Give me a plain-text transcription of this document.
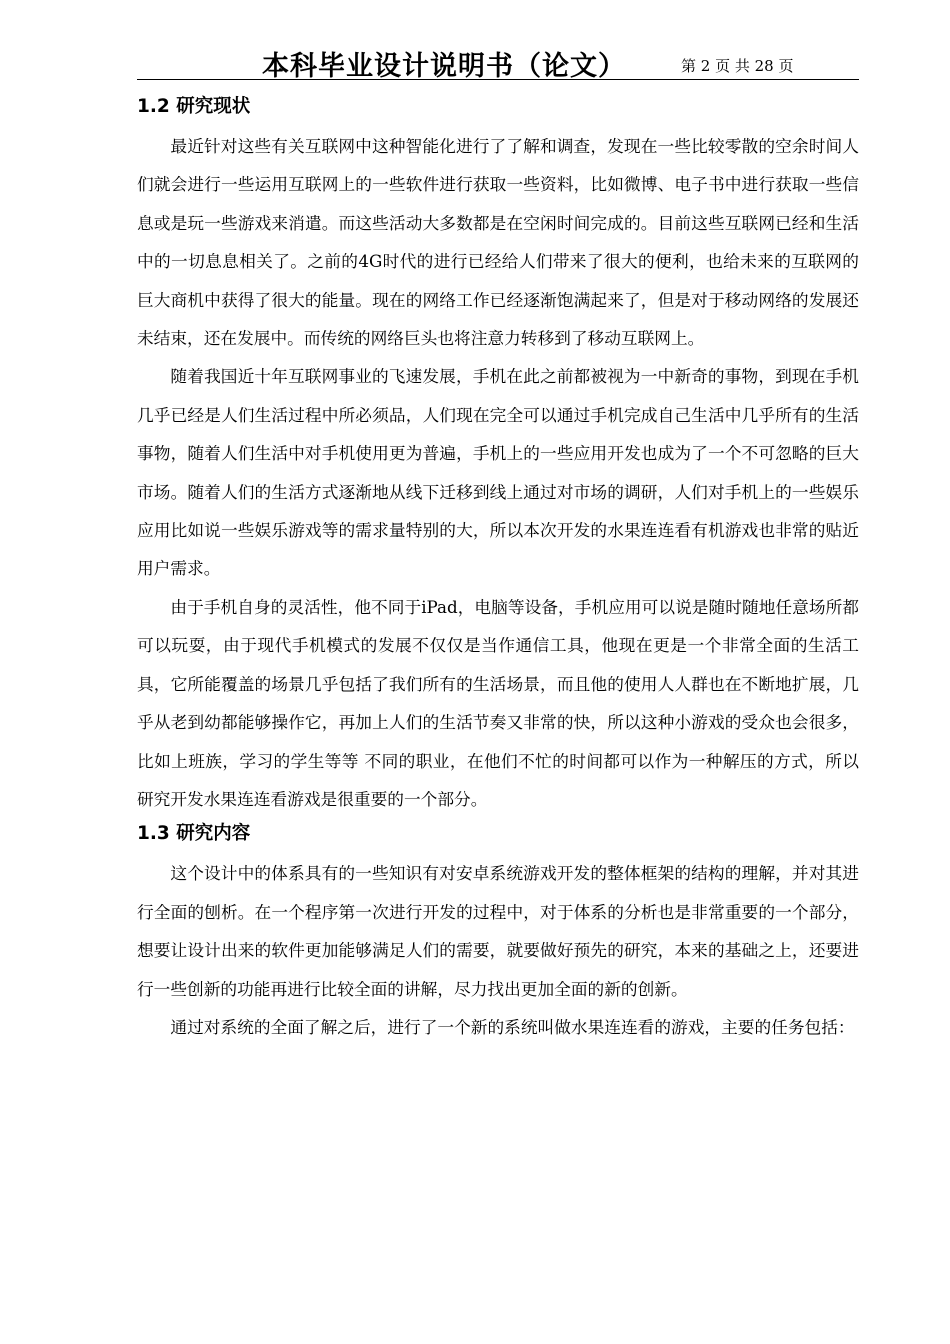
本科毕业设计说明书（论文）	第 2 页 共 28 页
1.2 研究现状

最近针对这些有关互联网中这种智能化进行了了解和调查，发现在一些比较零散的空余时间人们就会进行一些运用互联网上的一些软件进行获取一些资料，比如微博、电子书中进行获取一些信息或是玩一些游戏来消遣。而这些活动大多数都是在空闲时间完成的。目前这些互联网已经和生活中的一切息息相关了。之前的4G时代的进行已经给人们带来了很大的便利，也给未来的互联网的巨大商机中获得了很大的能量。现在的网络工作已经逐渐饱满起来了，但是对于移动网络的发展还未结束，还在发展中。而传统的网络巨头也将注意力转移到了移动互联网上。

随着我国近十年互联网事业的飞速发展，手机在此之前都被视为一中新奇的事物，到现在手机几乎已经是人们生活过程中所必须品，人们现在完全可以通过手机完成自己生活中几乎所有的生活事物，随着人们生活中对手机使用更为普遍，手机上的一些应用开发也成为了一个不可忽略的巨大市场。随着人们的生活方式逐渐地从线下迁移到线上通过对市场的调研，人们对手机上的一些娱乐应用比如说一些娱乐游戏等的需求量特别的大，所以本次开发的水果连连看有机游戏也非常的贴近用户需求。

由于手机自身的灵活性，他不同于iPad，电脑等设备，手机应用可以说是随时随地任意场所都可以玩耍，由于现代手机模式的发展不仅仅是当作通信工具，他现在更是一个非常全面的生活工具，它所能覆盖的场景几乎包括了我们所有的生活场景，而且他的使用人人群也在不断地扩展，几乎从老到幼都能够操作它，再加上人们的生活节奏又非常的快，所以这种小游戏的受众也会很多，比如上班族，学习的学生等等 不同的职业，在他们不忙的时间都可以作为一种解压的方式，所以研究开发水果连连看游戏是很重要的一个部分。

1.3 研究内容

这个设计中的体系具有的一些知识有对安卓系统游戏开发的整体框架的结构的理解，并对其进行全面的刨析。在一个程序第一次进行开发的过程中，对于体系的分析也是非常重要的一个部分，想要让设计出来的软件更加能够满足人们的需要，就要做好预先的研究，本来的基础之上，还要进行一些创新的功能再进行比较全面的讲解，尽力找出更加全面的新的创新。

通过对系统的全面了解之后，进行了一个新的系统叫做水果连连看的游戏，主要的任务包括：
